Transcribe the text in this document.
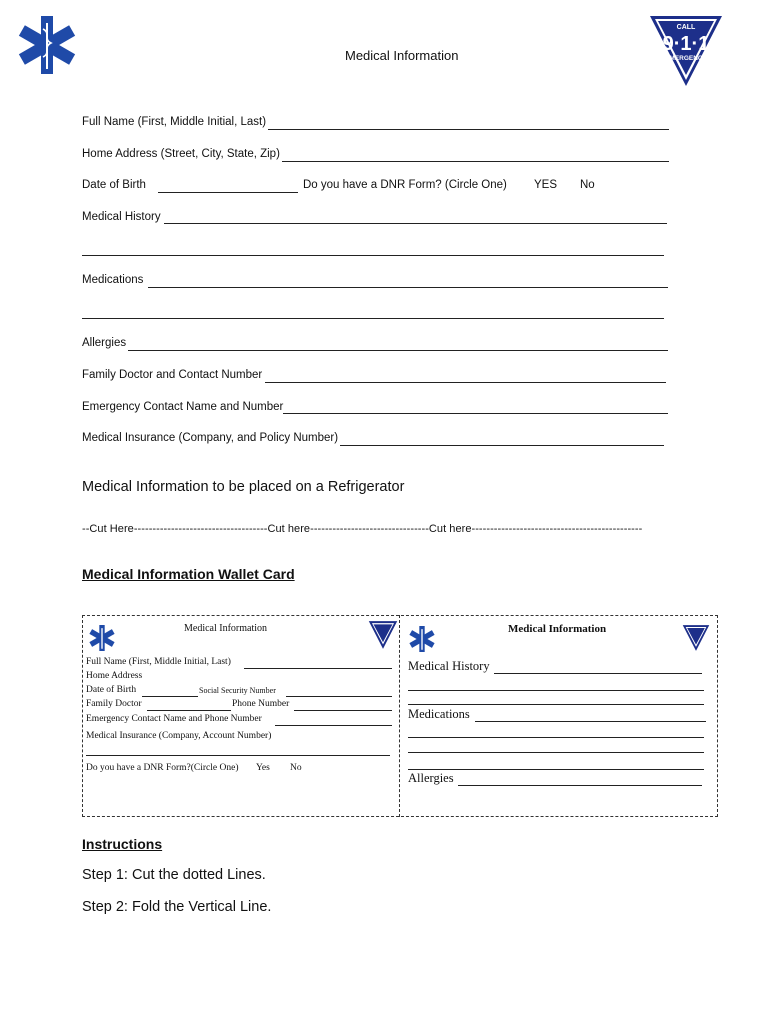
Medical Information
CALL
9·1·1
EMERGENCY
Full Name (First, Middle Initial, Last)
Home Address (Street, City, State, Zip)
Date of Birth	Do you have a DNR Form? (Circle One) YES No
Medical History
Medications
Allergies
Family Doctor and Contact Number
Emergency Contact Name and Number
Medical Insurance (Company, and Policy Number)
Medical Information to be placed on a Refrigerator
--Cut Here------------------------------------Cut here--------------------------------Cut here----------------------------------------------
Medical Information Wallet Card
Medical Information
Full Name (First, Middle Initial, Last)
Home Address
Date of Birth	Social Security Number
Family Doctor	Phone Number
Emergency Contact Name and Phone Number
Medical Insurance (Company, Account Number)
Do you have a DNR Form?(Circle One) Yes No
Medical Information
Medical History
Medications
Allergies
Instructions
Step 1: Cut the dotted Lines.
Step 2: Fold the Vertical Line.
